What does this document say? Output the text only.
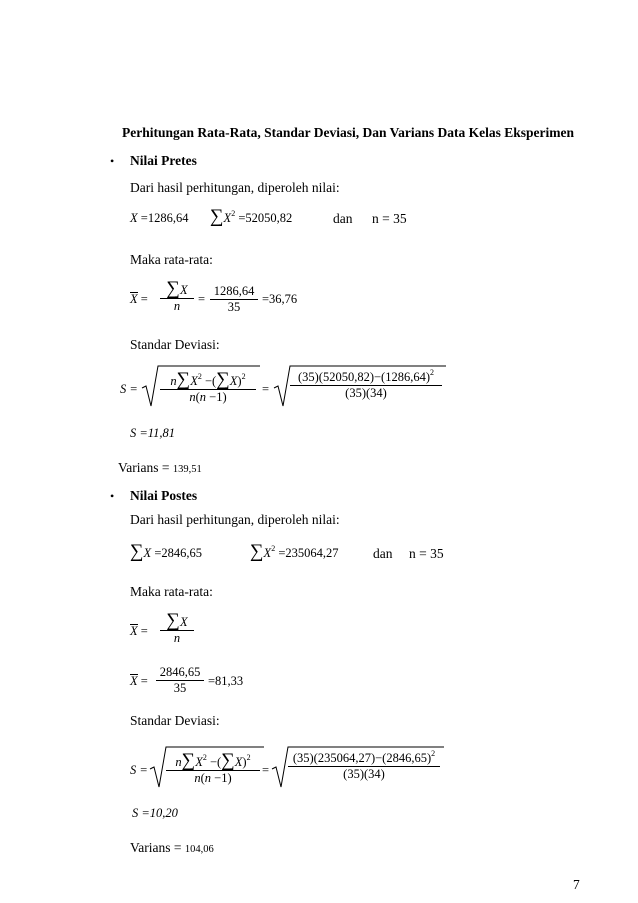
Perhitungan Rata-Rata, Standar Deviasi, Dan Varians Data Kelas Eksperimen
• Nilai Pretes
Dari hasil perhitungan, diperoleh nilai:
X =1286,64 $\sum X^2 =52050,82$	dan n = 35
Maka rata-rata:
$X = \frac{\sum X}{n} = \frac{1286,64}{35} =36,76$
Standar Deviasi:
$S = \frac{n\sum X^2 -(\sum X)^2}{n(n -1)} = \frac{(35)(52050,82)-(1286,64)^2}{(35)(34)}$
S =11,81
Varians = 139,51
• Nilai Postes
Dari hasil perhitungan, diperoleh nilai:
∑X =2846,65	$\sum X^2 =235064,27$	dan n = 35
Maka rata-rata:
$X = \frac{\sum X}{n}$
$X = \frac{2846,65}{35} =81,33$
Standar Deviasi:
$S = \frac{n\sum X^2 -(\sum X)^2}{n(n -1)} = \frac{(35)(235064,27)-(2846,65)^2}{(35)(34)}$
S =10,20
Varians = 104,06
7
